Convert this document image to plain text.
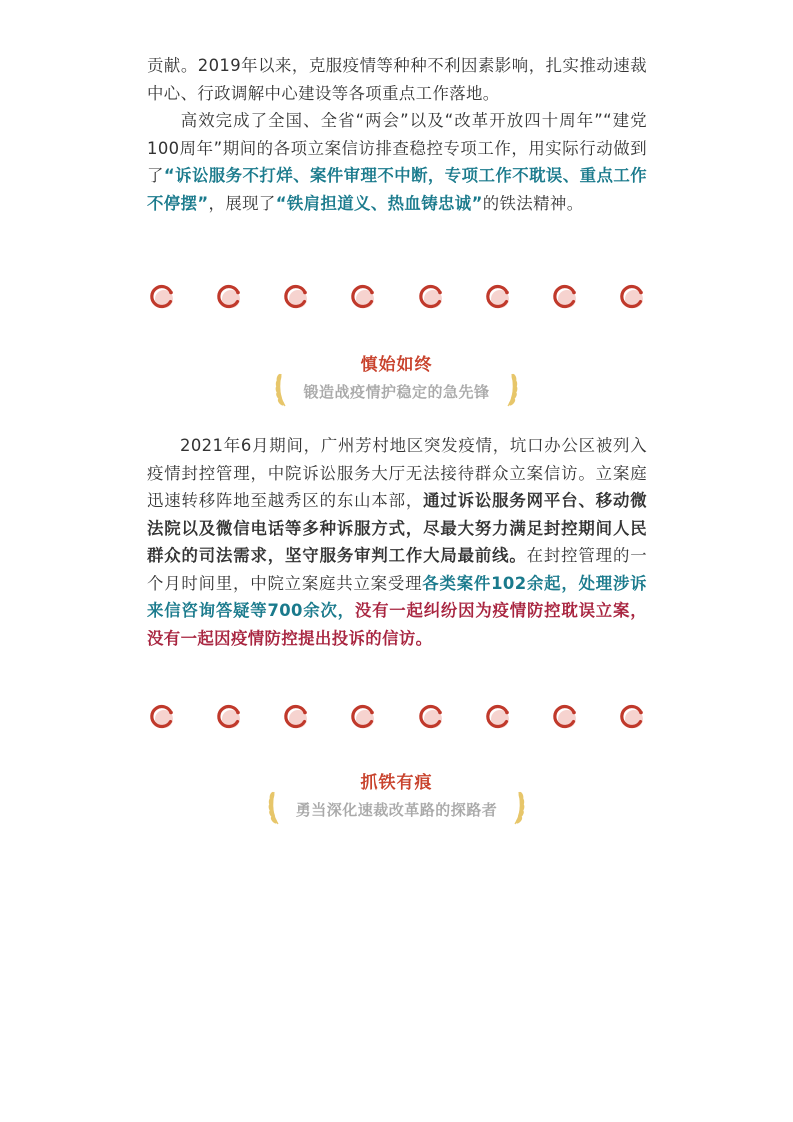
贡献。2019年以来，克服疫情等种种不利因素影响，扎实推动速裁中心、行政调解中心建设等各项重点工作落地。

高效完成了全国、全省“两会”以及“改革开放四十周年”“建党100周年”期间的各项立案信访排查稳控专项工作，用实际行动做到了“诉讼服务不打烊、案件审理不中断，专项工作不耽误、重点工作不停摆”，展现了“铁肩担道义、热血铸忠诚”的铁法精神。

慎始如终
锻造战疫情护稳定的急先锋

2021年6月期间，广州芳村地区突发疫情，坑口办公区被列入疫情封控管理，中院诉讼服务大厅无法接待群众立案信访。立案庭迅速转移阵地至越秀区的东山本部，通过诉讼服务网平台、移动微法院以及微信电话等多种诉服方式，尽最大努力满足封控期间人民群众的司法需求，坚守服务审判工作大局最前线。在封控管理的一个月时间里，中院立案庭共立案受理各类案件102余起，处理涉诉来信咨询答疑等700余次，没有一起纠纷因为疫情防控耽误立案，没有一起因疫情防控提出投诉的信访。

抓铁有痕
勇当深化速裁改革路的探路者
